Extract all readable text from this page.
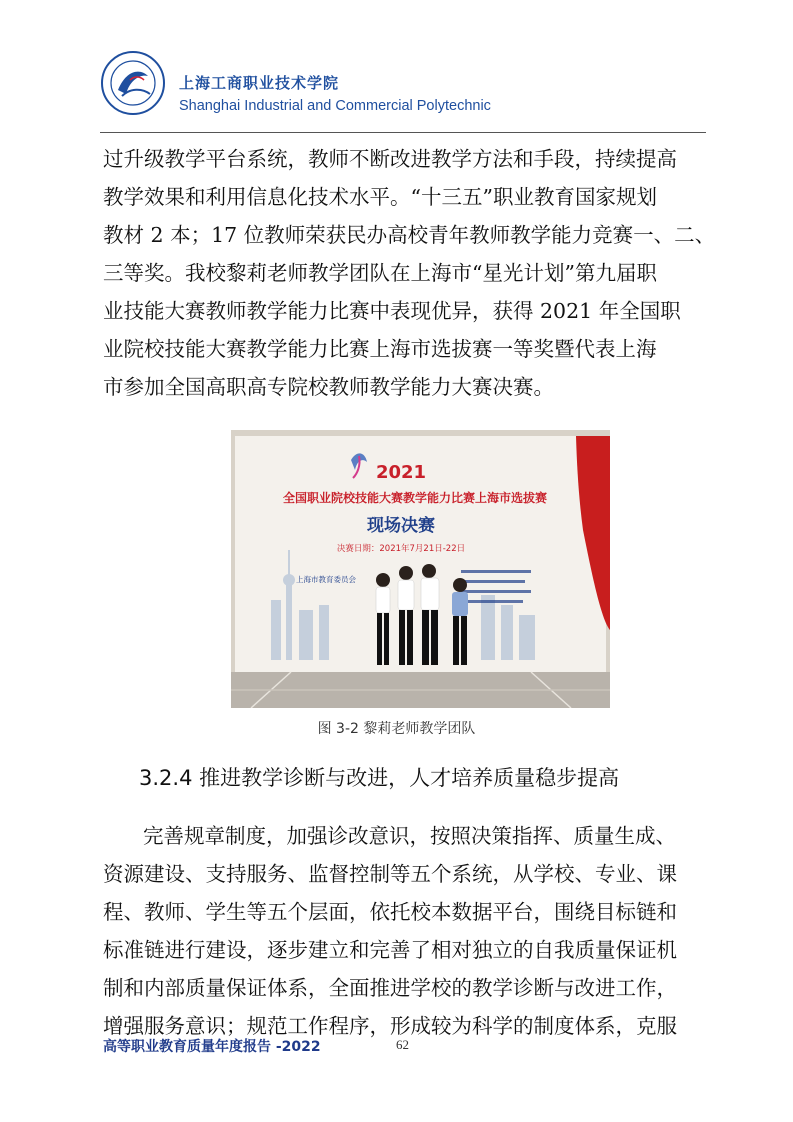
上海工商职业技术学院
Shanghai Industrial and Commercial Polytechnic

过升级教学平台系统，教师不断改进教学方法和手段，持续提高

教学效果和利用信息化技术水平。“十三五”职业教育国家规划

教材 2 本；17 位教师荣获民办高校青年教师教学能力竞赛一、二、

三等奖。我校黎莉老师教学团队在上海市“星光计划”第九届职

业技能大赛教师教学能力比赛中表现优异，获得 2021 年全国职

业院校技能大赛教学能力比赛上海市选拔赛一等奖暨代表上海

市参加全国高职高专院校教师教学能力大赛决赛。

2021
全国职业院校技能大赛教学能力比赛上海市选拔赛
现场决赛
决赛日期：2021年7月21日-22日
上海市教育委员会
图 3-2 黎莉老师教学团队
3.2.4 推进教学诊断与改进，人才培养质量稳步提高

完善规章制度，加强诊改意识，按照决策指挥、质量生成、

资源建设、支持服务、监督控制等五个系统，从学校、专业、课

程、教师、学生等五个层面，依托校本数据平台，围绕目标链和

标准链进行建设，逐步建立和完善了相对独立的自我质量保证机

制和内部质量保证体系，全面推进学校的教学诊断与改进工作，

增强服务意识；规范工作程序，形成较为科学的制度体系，克服

高等职业教育质量年度报告 -2022	62
